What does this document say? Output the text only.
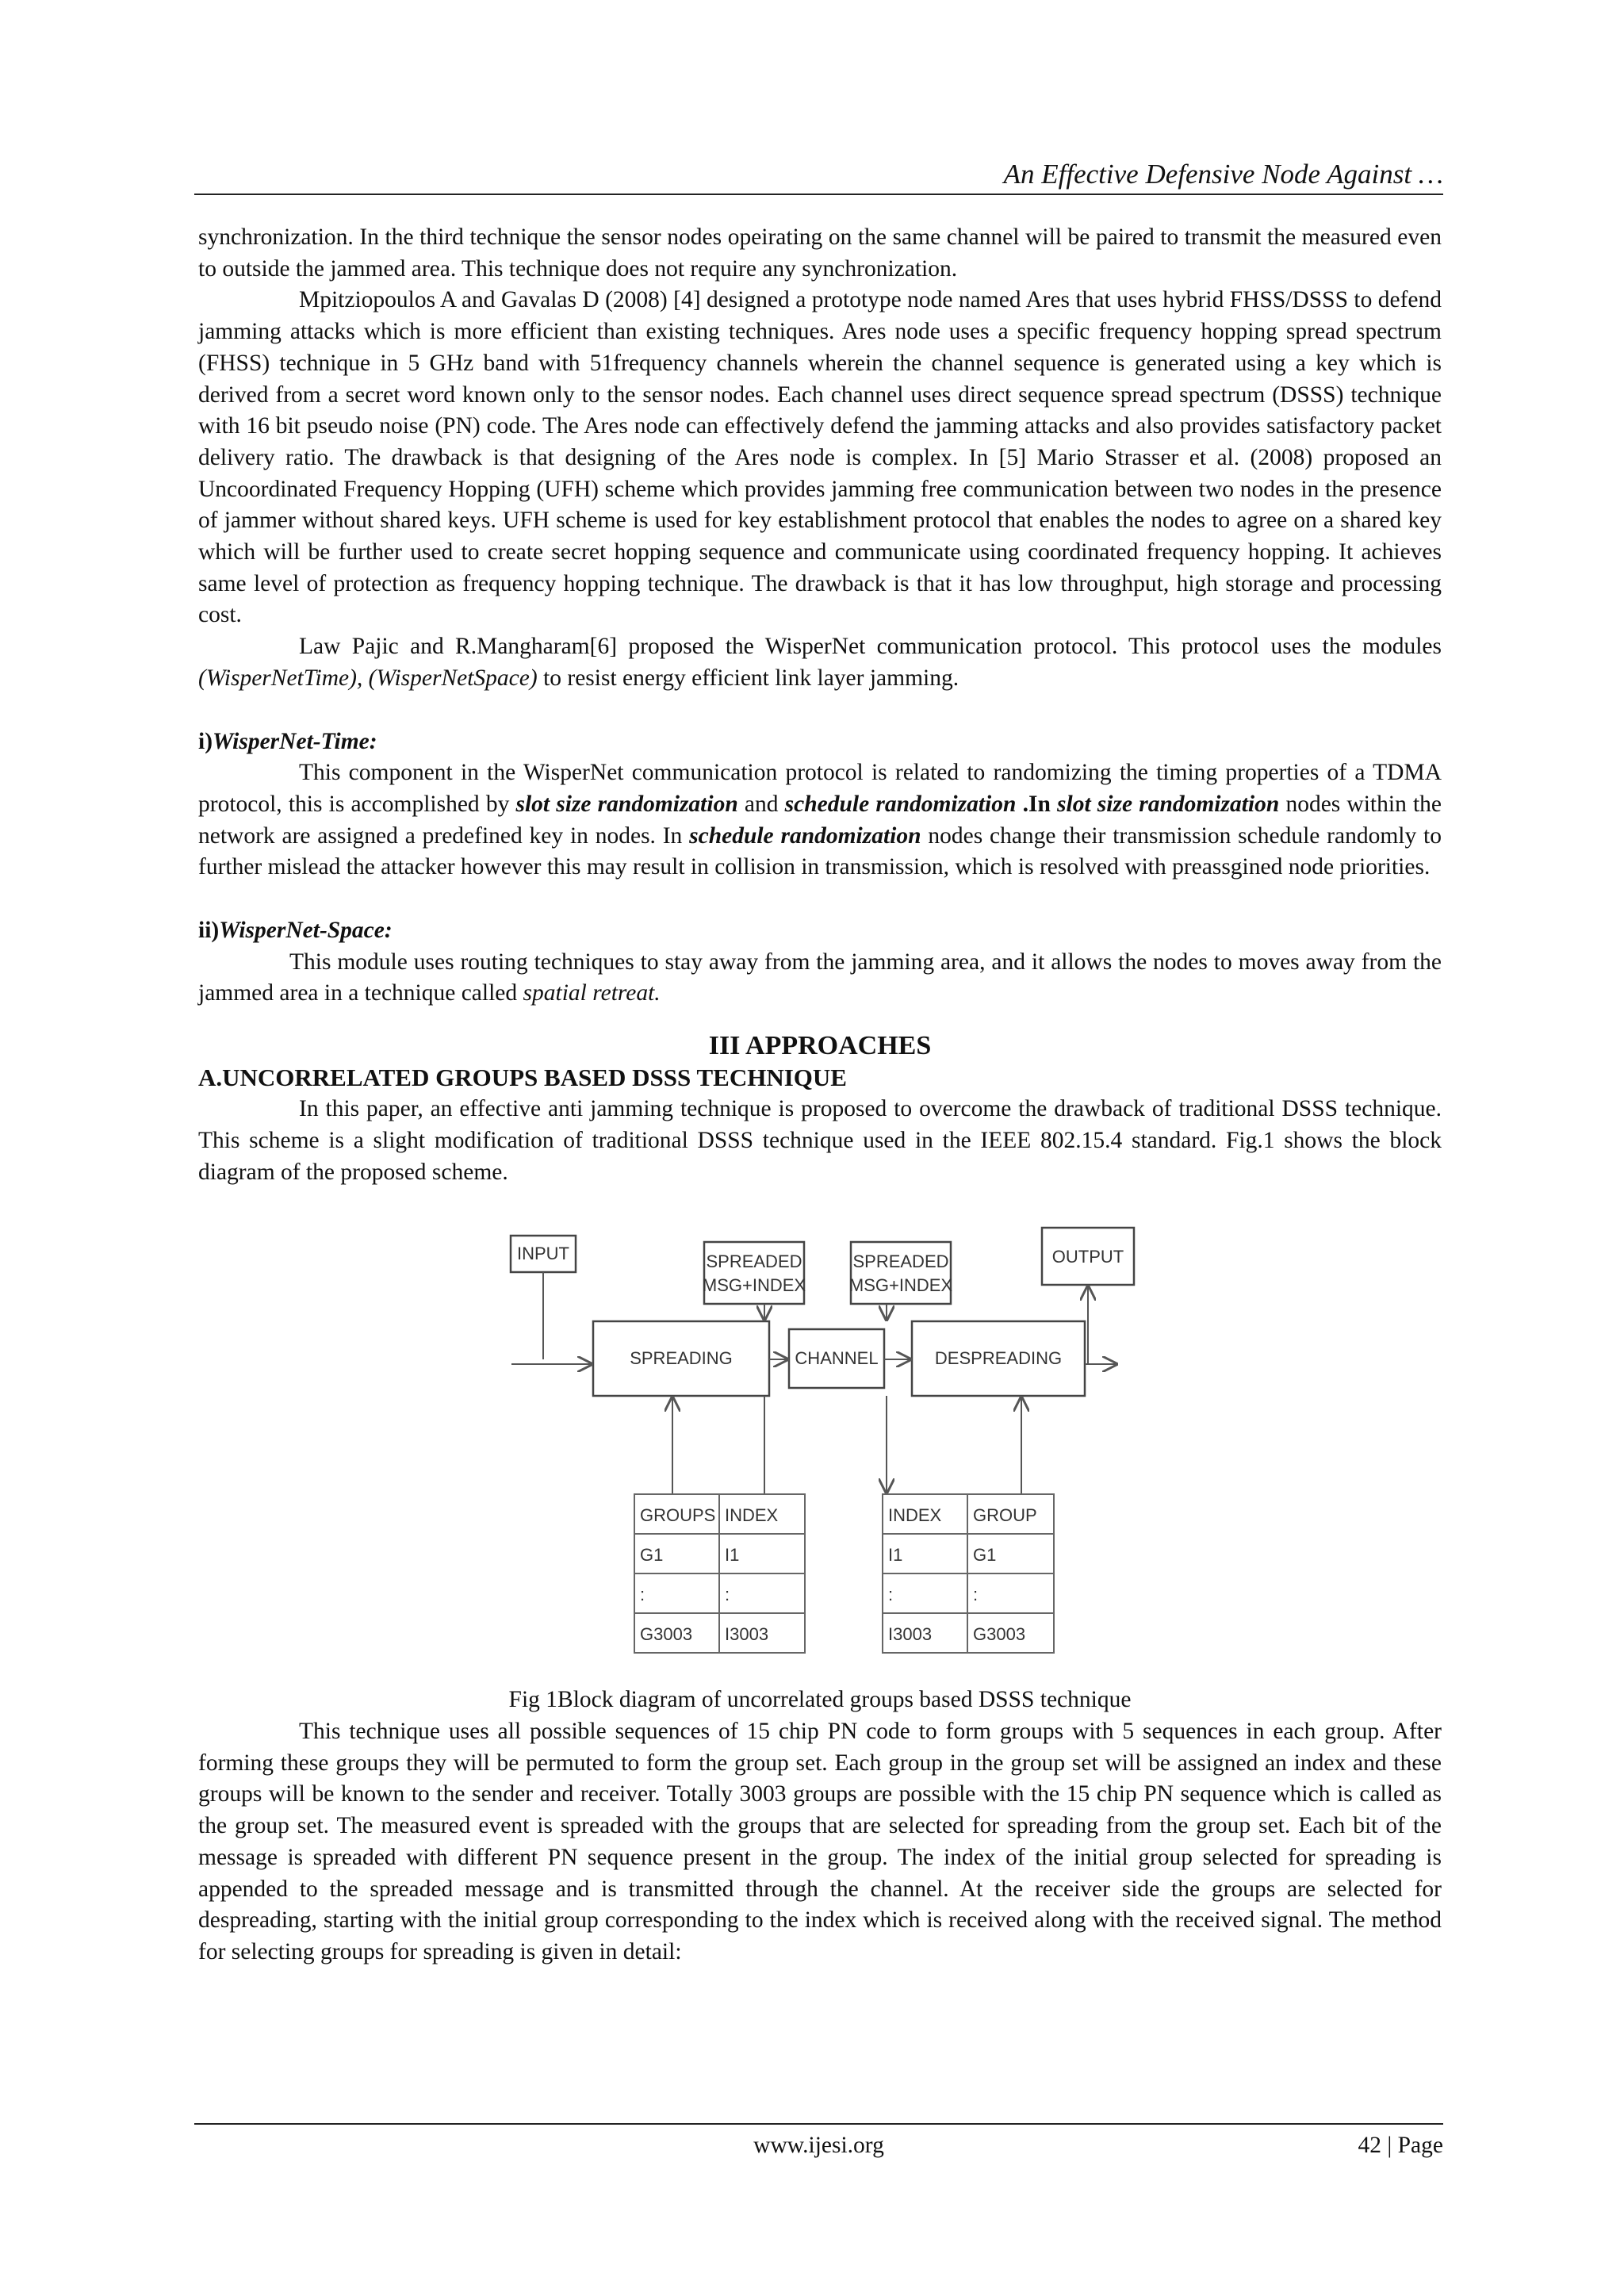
An Effective Defensive Node Against …

synchronization. In the third technique the sensor nodes opeirating on the same channel will be paired to transmit the measured even to outside the jammed area. This technique does not require any synchronization.

Mpitziopoulos A and Gavalas D (2008) [4] designed a prototype node named Ares that uses hybrid FHSS/DSSS to defend jamming attacks which is more efficient than existing techniques. Ares node uses a specific frequency hopping spread spectrum (FHSS) technique in 5 GHz band with 51frequency channels wherein the channel sequence is generated using a key which is derived from a secret word known only to the sensor nodes. Each channel uses direct sequence spread spectrum (DSSS) technique with 16 bit pseudo noise (PN) code. The Ares node can effectively defend the jamming attacks and also provides satisfactory packet delivery ratio. The drawback is that designing of the Ares node is complex. In [5] Mario Strasser et al. (2008) proposed an Uncoordinated Frequency Hopping (UFH) scheme which provides jamming free communication between two nodes in the presence of jammer without shared keys. UFH scheme is used for key establishment protocol that enables the nodes to agree on a shared key which will be further used to create secret hopping sequence and communicate using coordinated frequency hopping. It achieves same level of protection as frequency hopping technique. The drawback is that it has low throughput, high storage and processing cost.

Law Pajic and R.Mangharam[6] proposed the WisperNet communication protocol. This protocol uses the modules (WisperNetTime), (WisperNetSpace) to resist energy efficient link layer jamming.

i)WisperNet-Time:

This component in the WisperNet communication protocol is related to randomizing the timing properties of a TDMA protocol, this is accomplished by slot size randomization and schedule randomization .In slot size randomization nodes within the network are assigned a predefined key in nodes. In schedule randomization nodes change their transmission schedule randomly to further mislead the attacker however this may result in collision in transmission, which is resolved with preassgined node priorities.

ii)WisperNet-Space:

This module uses routing techniques to stay away from the jamming area, and it allows the nodes to moves away from the jammed area in a technique called spatial retreat.

III APPROACHES
A.UNCORRELATED GROUPS BASED DSSS TECHNIQUE

In this paper, an effective anti jamming technique is proposed to overcome the drawback of traditional DSSS technique. This scheme is a slight modification of traditional DSSS technique used in the IEEE 802.15.4 standard. Fig.1 shows the block diagram of the proposed scheme.

INPUT	SPREADED
MSG+INDEX
SPREADED
MSG+INDEX
OUTPUT
SPREADING	CHANNEL	DESPREADING
GROUPS INDEX
G1	I1
:	:
G3003 I3003
INDEX GROUP
I1	G1
:	:
I3003 G3003

Fig 1Block diagram of uncorrelated groups based DSSS technique

This technique uses all possible sequences of 15 chip PN code to form groups with 5 sequences in each group. After forming these groups they will be permuted to form the group set. Each group in the group set will be assigned an index and these groups will be known to the sender and receiver. Totally 3003 groups are possible with the 15 chip PN sequence which is called as the group set. The measured event is spreaded with the groups that are selected for spreading from the group set. Each bit of the message is spreaded with different PN sequence present in the group. The index of the initial group selected for spreading is appended to the spreaded message and is transmitted through the channel. At the receiver side the groups are selected for despreading, starting with the initial group corresponding to the index which is received along with the received signal. The method for selecting groups for spreading is given in detail:

www.ijesi.org	42 | Page
